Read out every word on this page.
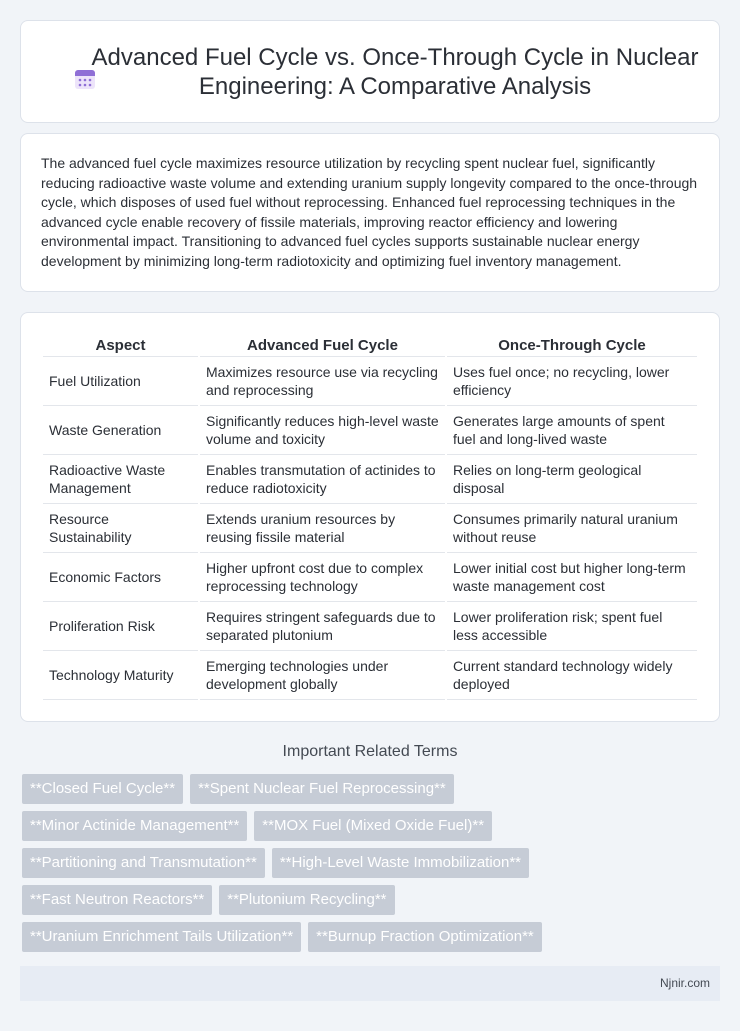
Advanced Fuel Cycle vs. Once-Through Cycle in Nuclear Engineering: A Comparative Analysis

The advanced fuel cycle maximizes resource utilization by recycling spent nuclear fuel, significantly reducing radioactive waste volume and extending uranium supply longevity compared to the once-through cycle, which disposes of used fuel without reprocessing. Enhanced fuel reprocessing techniques in the advanced cycle enable recovery of fissile materials, improving reactor efficiency and lowering environmental impact. Transitioning to advanced fuel cycles supports sustainable nuclear energy development by minimizing long-term radiotoxicity and optimizing fuel inventory management.

Aspect	Advanced Fuel Cycle	Once-Through Cycle
Fuel Utilization	Maximizes resource use via recycling and reprocessing	Uses fuel once; no recycling, lower efficiency
Waste Generation	Significantly reduces high-level waste volume and toxicity	Generates large amounts of spent fuel and long-lived waste
Radioactive Waste Management	Enables transmutation of actinides to reduce radiotoxicity	Relies on long-term geological disposal
Resource Sustainability	Extends uranium resources by reusing fissile material	Consumes primarily natural uranium without reuse
Economic Factors	Higher upfront cost due to complex reprocessing technology	Lower initial cost but higher long-term waste management cost
Proliferation Risk	Requires stringent safeguards due to separated plutonium	Lower proliferation risk; spent fuel less accessible
Technology Maturity	Emerging technologies under development globally	Current standard technology widely deployed
Important Related Terms
**Closed Fuel Cycle**	**Spent Nuclear Fuel Reprocessing**
**Minor Actinide Management**	**MOX Fuel (Mixed Oxide Fuel)**
**Partitioning and Transmutation**	**High-Level Waste Immobilization**
**Fast Neutron Reactors**	**Plutonium Recycling**
**Uranium Enrichment Tails Utilization**	**Burnup Fraction Optimization**
Njnir.com
